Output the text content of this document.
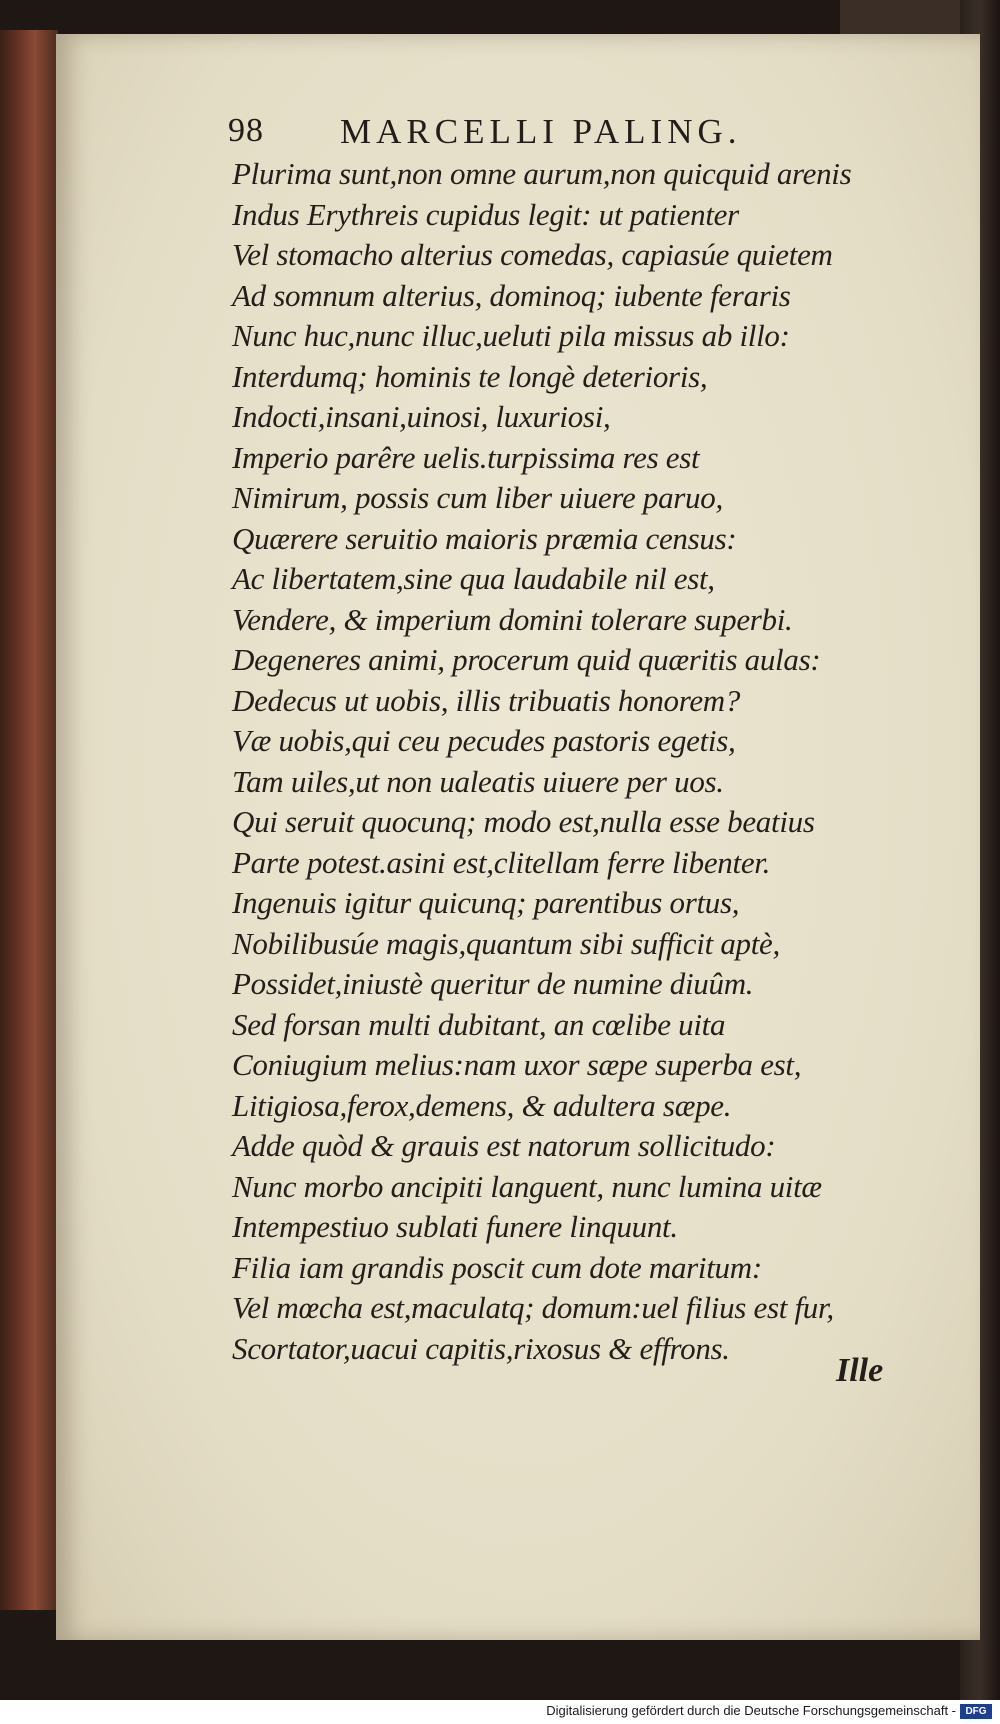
98 MARCELLI PALING.
Plurima sunt,non omne aurum,non quicquid arenis
Indus Erythreis cupidus legit: ut patienter
Vel stomacho alterius comedas, capiasúe quietem
Ad somnum alterius, dominoq; iubente feraris
Nunc huc,nunc illuc,ueluti pila missus ab illo:
Interdumq; hominis te longè deterioris,
Indocti,insani,uinosi, luxuriosi,
Imperio parêre uelis.turpissima res est
Nimirum, possis cum liber uiuere paruo,
Quærere seruitio maioris præmia census:
Ac libertatem,sine qua laudabile nil est,
Vendere, & imperium domini tolerare superbi.
Degeneres animi, procerum quid quæritis aulas:
Dedecus ut uobis, illis tribuatis honorem?
Væ uobis,qui ceu pecudes pastoris egetis,
Tam uiles,ut non ualeatis uiuere per uos.
Qui seruit quocunq; modo est,nulla esse beatius
Parte potest.asini est,clitellam ferre libenter.
Ingenuis igitur quicunq; parentibus ortus,
Nobilibusúe magis,quantum sibi sufficit aptè,
Possidet,iniustè queritur de numine diuûm.
Sed forsan multi dubitant, an cœlibe uita
Coniugium melius:nam uxor sæpe superba est,
Litigiosa,ferox,demens, & adultera sæpe.
Adde quòd & grauis est natorum sollicitudo:
Nunc morbo ancipiti languent, nunc lumina uitæ
Intempestiuo sublati funere linquunt.
Filia iam grandis poscit cum dote maritum:
Vel mœcha est,maculatq; domum:uel filius est fur,
Scortator,uacui capitis,rixosus & effrons.
Ille
Digitalisierung gefördert durch die Deutsche Forschungsgemeinschaft - DFG
